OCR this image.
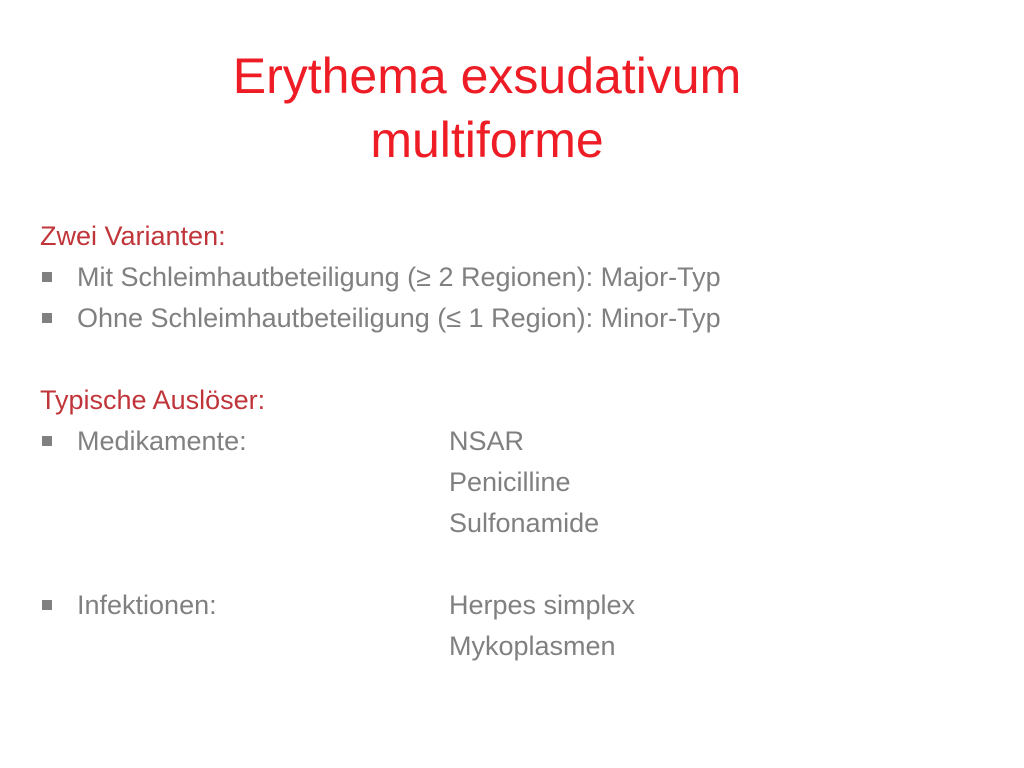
Erythema exsudativum
multiforme
Zwei Varianten:
Mit Schleimhautbeteiligung (≥ 2 Regionen): Major-Typ
Ohne Schleimhautbeteiligung (≤ 1 Region): Minor-Typ
Typische Auslöser:
Medikamente:	NSAR
Penicilline
Sulfonamide
Infektionen:	Herpes simplex
Mykoplasmen
